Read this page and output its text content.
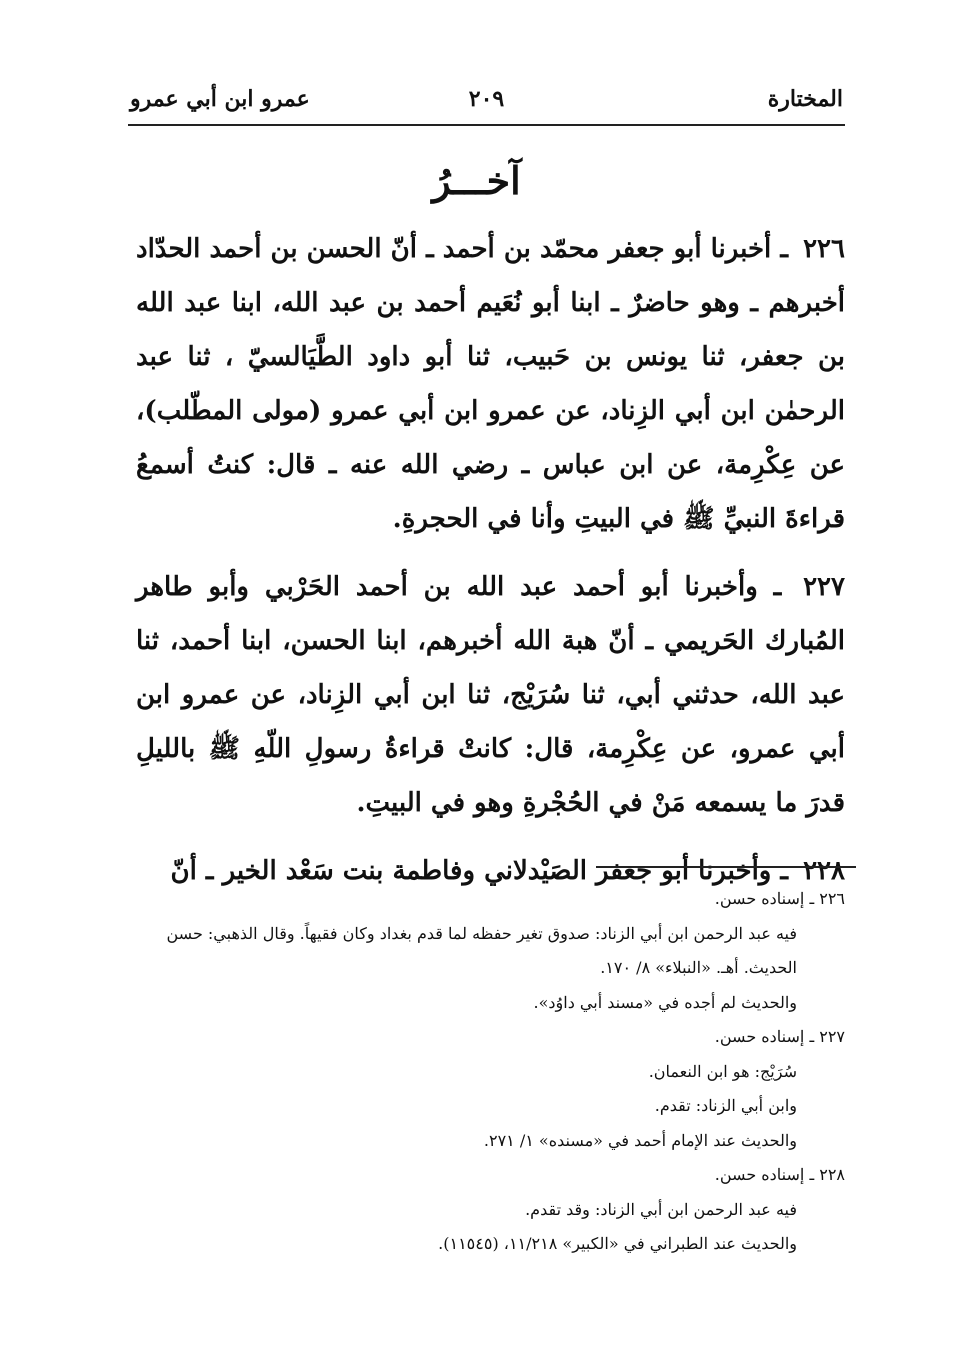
المختارة
٢٠٩
عمرو ابن أبي عمرو
آخـــرُ

٢٢٦ ـ أخبرنا أبو جعفر محمّد بن أحمد ـ أنّ الحسن بن أحمد الحدّاد أخبرهم ـ وهو حاضرٌ ـ ابنا أبو نُعَيم أحمد بن عبد الله، ابنا عبد الله بن جعفر، ثنا يونس بن حَبيب، ثنا أبو داود الطَّيَالسيّ ، ثنا عبد الرحمٰن ابن أبي الزِناد، عن عمرو ابن أبي عمرو (مولى المطّلب)، عن عِكْرِمة، عن ابن عباس ـ رضي الله عنه ـ قال: كنتُ أسمعُ قراءةَ النبيِّ ﷺ في البيتِ وأنا في الحجرةِ.

٢٢٧ ـ وأخبرنا أبو أحمد عبد الله بن أحمد الحَرْبي وأبو طاهر المُبارك الحَريمي ـ أنّ هبة الله أخبرهم، ابنا الحسن، ابنا أحمد، ثنا عبد الله، حدثني أبي، ثنا سُرَيْج، ثنا ابن أبي الزِناد، عن عمرو ابن أبي عمرو، عن عِكْرِمة، قال: كانتْ قراءةُ رسولِ اللّهِ ﷺ بالليلِ قدرَ ما يسمعه مَنْ في الحُجْرةِ وهو في البيتِ.

٢٢٨ ـ وأخبرنا أبو جعفر الصَيْدلاني وفاطمة بنت سَعْد الخير ـ أنّ

٢٢٦ ـ إسناده حسن.

فيه عبد الرحمن ابن أبي الزناد: صدوق تغير حفظه لما قدم بغداد وكان فقيهاً. وقال الذهبي: حسن الحديث. أهـ. «النبلاء» ٨/ ١٧٠.

والحديث لم أجده في «مسند أبي داوُد».

٢٢٧ ـ إسناده حسن.

سُرَيْج: هو ابن النعمان.

وابن أبي الزناد: تقدم.

والحديث عند الإمام أحمد في «مسنده» ١/ ٢٧١.

٢٢٨ ـ إسناده حسن.

فيه عبد الرحمن ابن أبي الزناد: وقد تقدم.

والحديث عند الطبراني في «الكبير» ١١/٢١٨، (١١٥٤٥).
